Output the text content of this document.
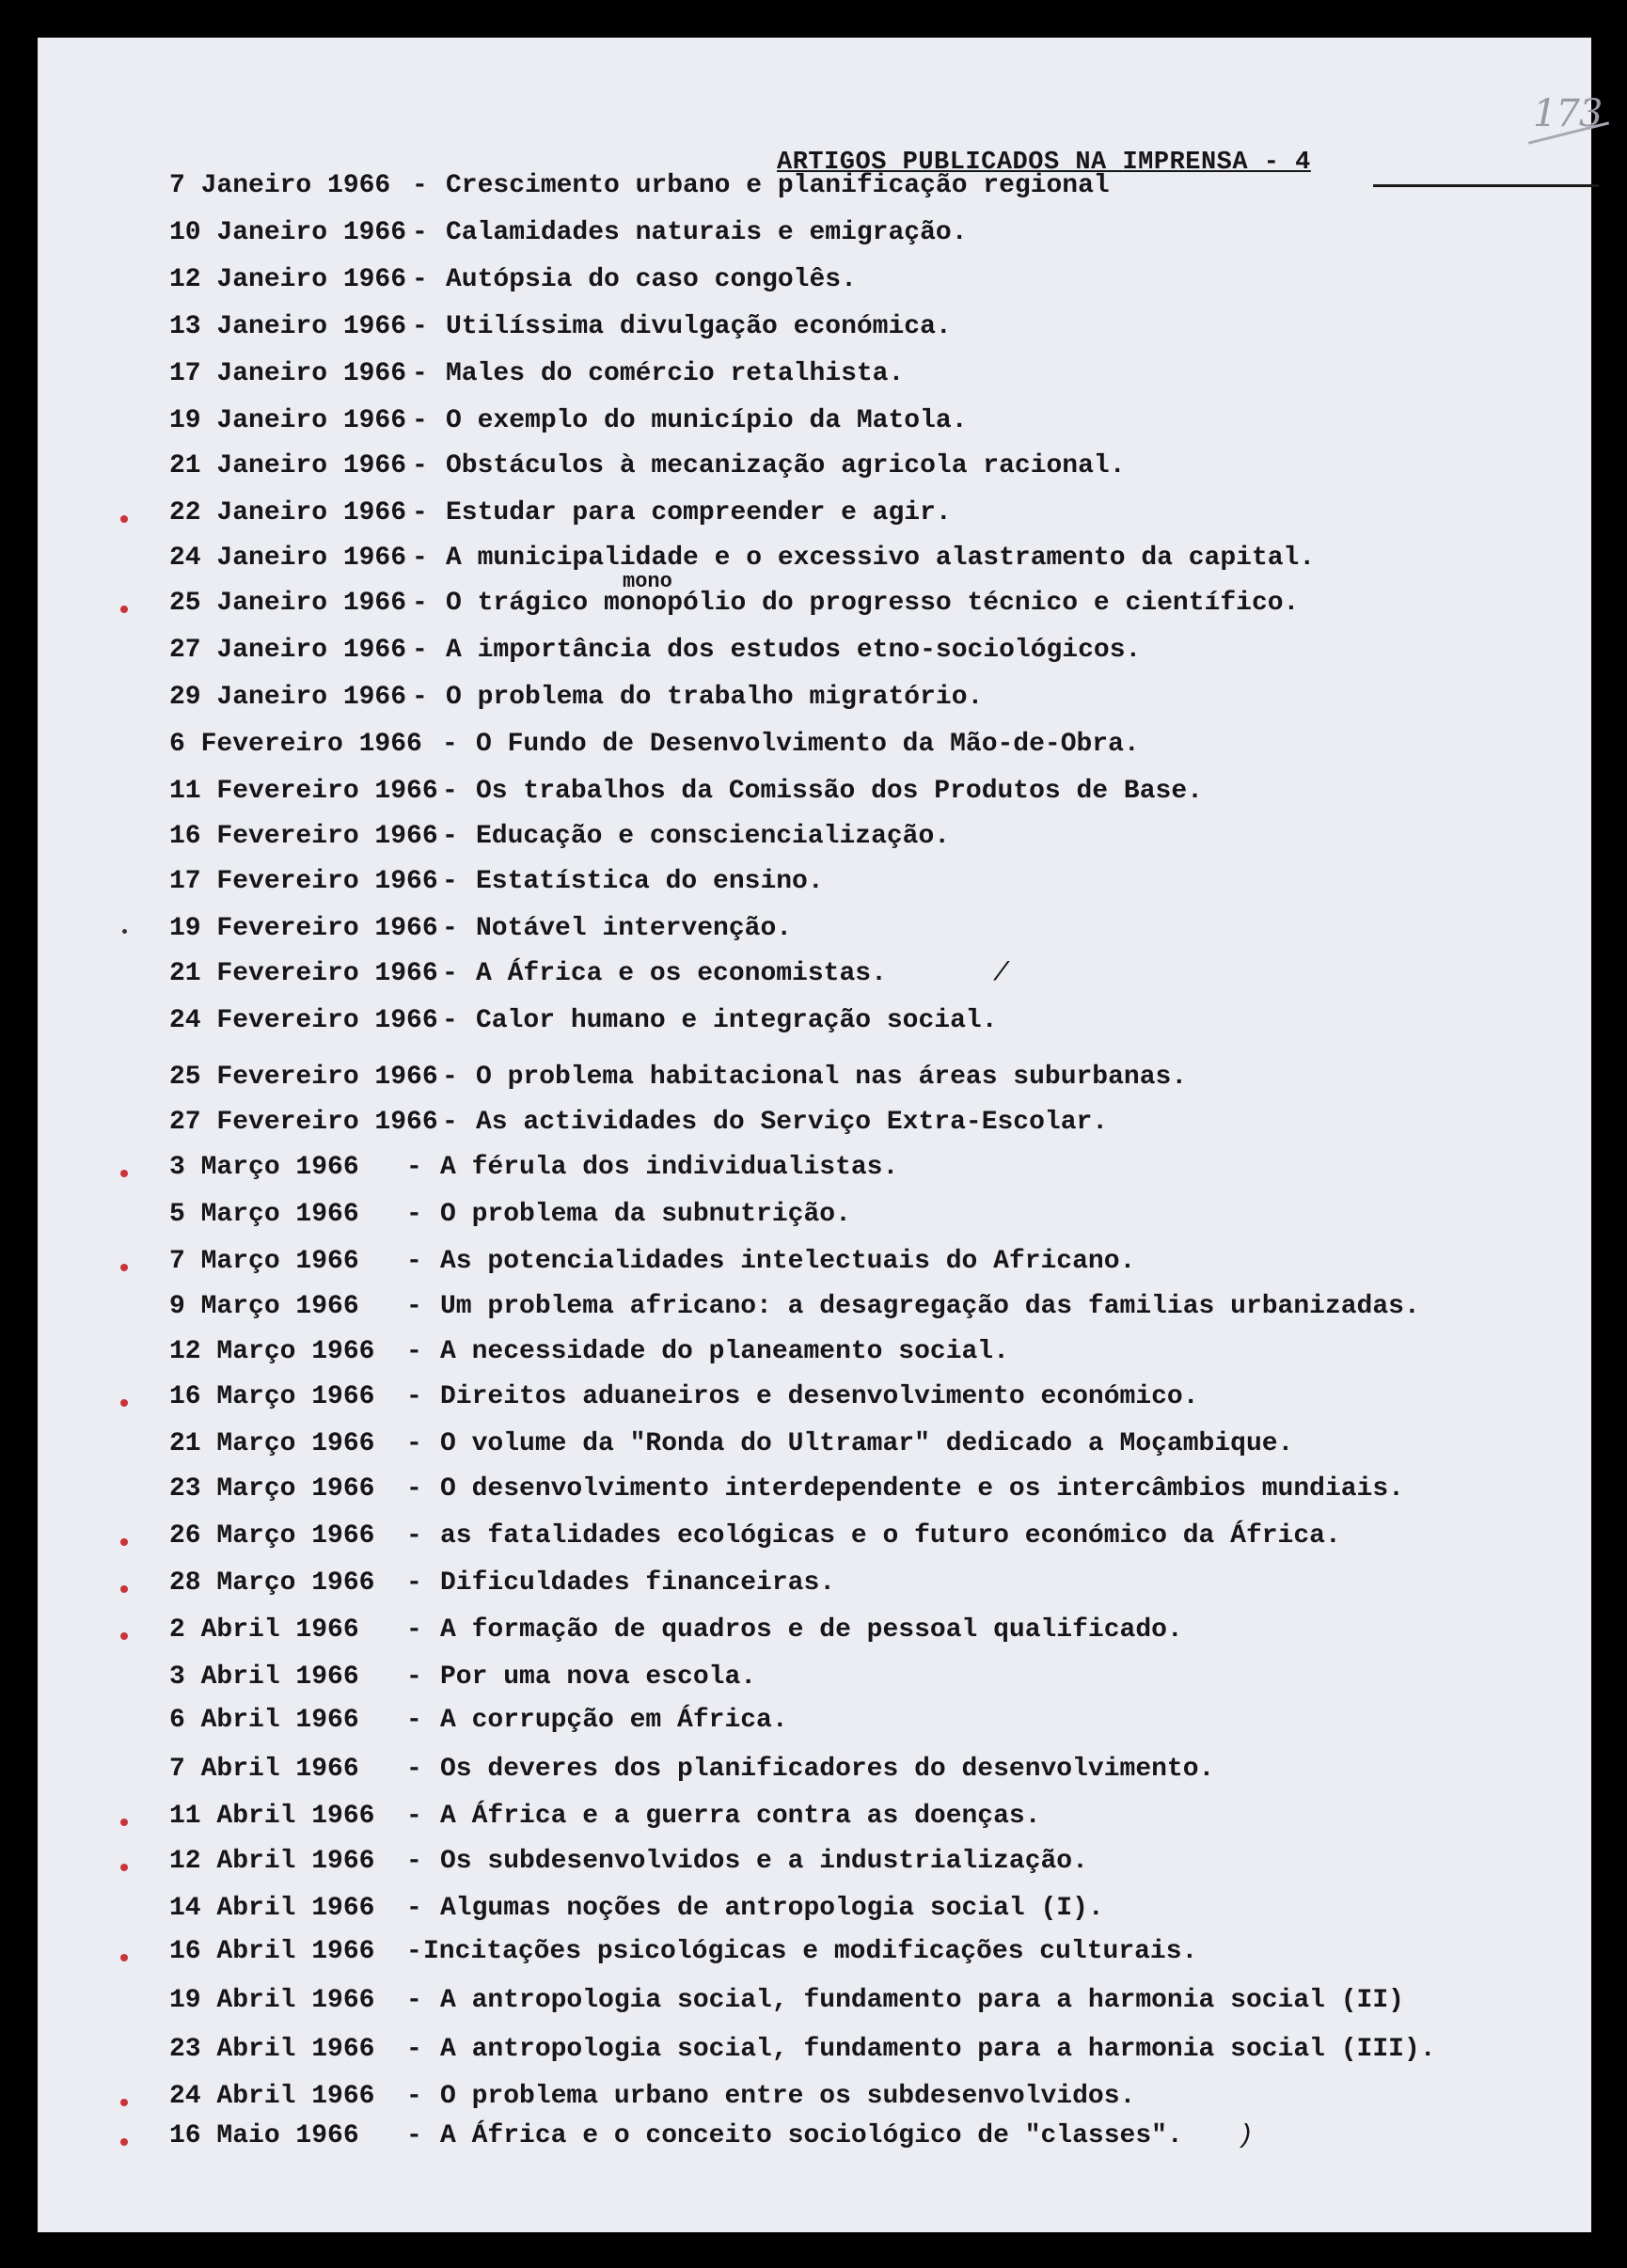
173
ARTIGOS PUBLICADOS NA IMPRENSA - 4
7 Janeiro 1966 - Crescimento urbano e planificação regional
10 Janeiro 1966 - Calamidades naturais e emigração.
12 Janeiro 1966 - Autópsia do caso congolês.
13 Janeiro 1966 - Utilíssima divulgação económica.
17 Janeiro 1966 - Males do comércio retalhista.
19 Janeiro 1966 - O exemplo do município da Matola.
21 Janeiro 1966 - Obstáculos à mecanização agricola racional.
22 Janeiro 1966 - Estudar para compreender e agir.
24 Janeiro 1966 - A municipalidade e o excessivo alastramento da capital.
25 Janeiro 1966 - O trágico monopólio do progresso técnico e científico.
mono
27 Janeiro 1966 - A importância dos estudos etno-sociológicos.
29 Janeiro 1966 - O problema do trabalho migratório.
6 Fevereiro 1966 - O Fundo de Desenvolvimento da Mão-de-Obra.
11 Fevereiro 1966 - Os trabalhos da Comissão dos Produtos de Base.
16 Fevereiro 1966 - Educação e consciencialização.
17 Fevereiro 1966 - Estatística do ensino.
19 Fevereiro 1966 - Notável intervenção.
21 Fevereiro 1966 - A África e os economistas.	/
24 Fevereiro 1966 - Calor humano e integração social.
25 Fevereiro 1966 - O problema habitacional nas áreas suburbanas.
27 Fevereiro 1966 - As actividades do Serviço Extra-Escolar.
3 Março 1966 - A férula dos individualistas.
5 Março 1966 - O problema da subnutrição.
7 Março 1966 - As potencialidades intelectuais do Africano.
9 Março 1966 - Um problema africano: a desagregação das familias urbanizadas.
12 Março 1966 - A necessidade do planeamento social.
16 Março 1966 - Direitos aduaneiros e desenvolvimento económico.
21 Março 1966 - O volume da "Ronda do Ultramar" dedicado a Moçambique.
23 Março 1966 - O desenvolvimento interdependente e os intercâmbios mundiais.
26 Março 1966 - as fatalidades ecológicas e o futuro económico da África.
28 Março 1966 - Dificuldades financeiras.
2 Abril 1966 - A formação de quadros e de pessoal qualificado.
3 Abril 1966 - Por uma nova escola.
6 Abril 1966 - A corrupção em África.
7 Abril 1966 - Os deveres dos planificadores do desenvolvimento.
11 Abril 1966 - A África e a guerra contra as doenças.
12 Abril 1966 - Os subdesenvolvidos e a industrialização.
14 Abril 1966 - Algumas noções de antropologia social (I).
16 Abril 1966 - Incitações psicológicas e modificações culturais.
19 Abril 1966 - A antropologia social, fundamento para a harmonia social (II)
23 Abril 1966 - A antropologia social, fundamento para a harmonia social (III).
24 Abril 1966 - O problema urbano entre os subdesenvolvidos.
16 Maio 1966 - A África e o conceito sociológico de "classes". )
